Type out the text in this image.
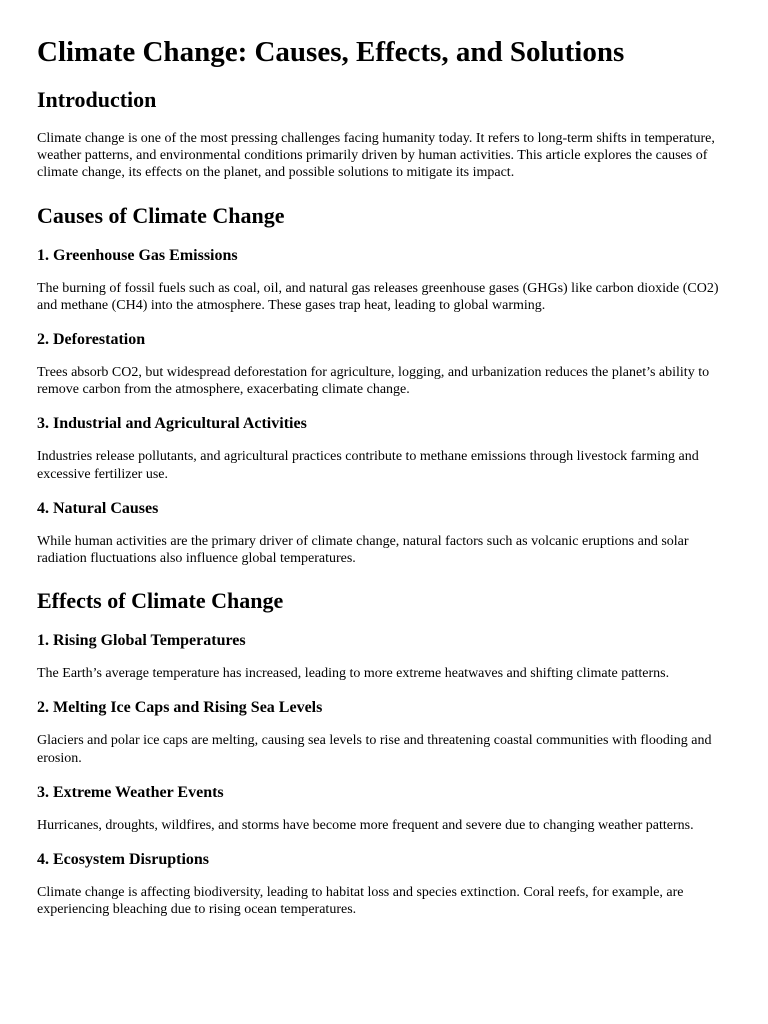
Climate Change: Causes, Effects, and Solutions
Introduction

Climate change is one of the most pressing challenges facing humanity today. It refers to long-term shifts in temperature, weather patterns, and environmental conditions primarily driven by human activities. This article explores the causes of climate change, its effects on the planet, and possible solutions to mitigate its impact.

Causes of Climate Change
1. Greenhouse Gas Emissions

The burning of fossil fuels such as coal, oil, and natural gas releases greenhouse gases (GHGs) like carbon dioxide (CO2) and methane (CH4) into the atmosphere. These gases trap heat, leading to global warming.

2. Deforestation

Trees absorb CO2, but widespread deforestation for agriculture, logging, and urbanization reduces the planet’s ability to remove carbon from the atmosphere, exacerbating climate change.

3. Industrial and Agricultural Activities

Industries release pollutants, and agricultural practices contribute to methane emissions through livestock farming and excessive fertilizer use.

4. Natural Causes

While human activities are the primary driver of climate change, natural factors such as volcanic eruptions and solar radiation fluctuations also influence global temperatures.

Effects of Climate Change
1. Rising Global Temperatures

The Earth’s average temperature has increased, leading to more extreme heatwaves and shifting climate patterns.

2. Melting Ice Caps and Rising Sea Levels

Glaciers and polar ice caps are melting, causing sea levels to rise and threatening coastal communities with flooding and erosion.

3. Extreme Weather Events

Hurricanes, droughts, wildfires, and storms have become more frequent and severe due to changing weather patterns.

4. Ecosystem Disruptions

Climate change is affecting biodiversity, leading to habitat loss and species extinction. Coral reefs, for example, are experiencing bleaching due to rising ocean temperatures.
